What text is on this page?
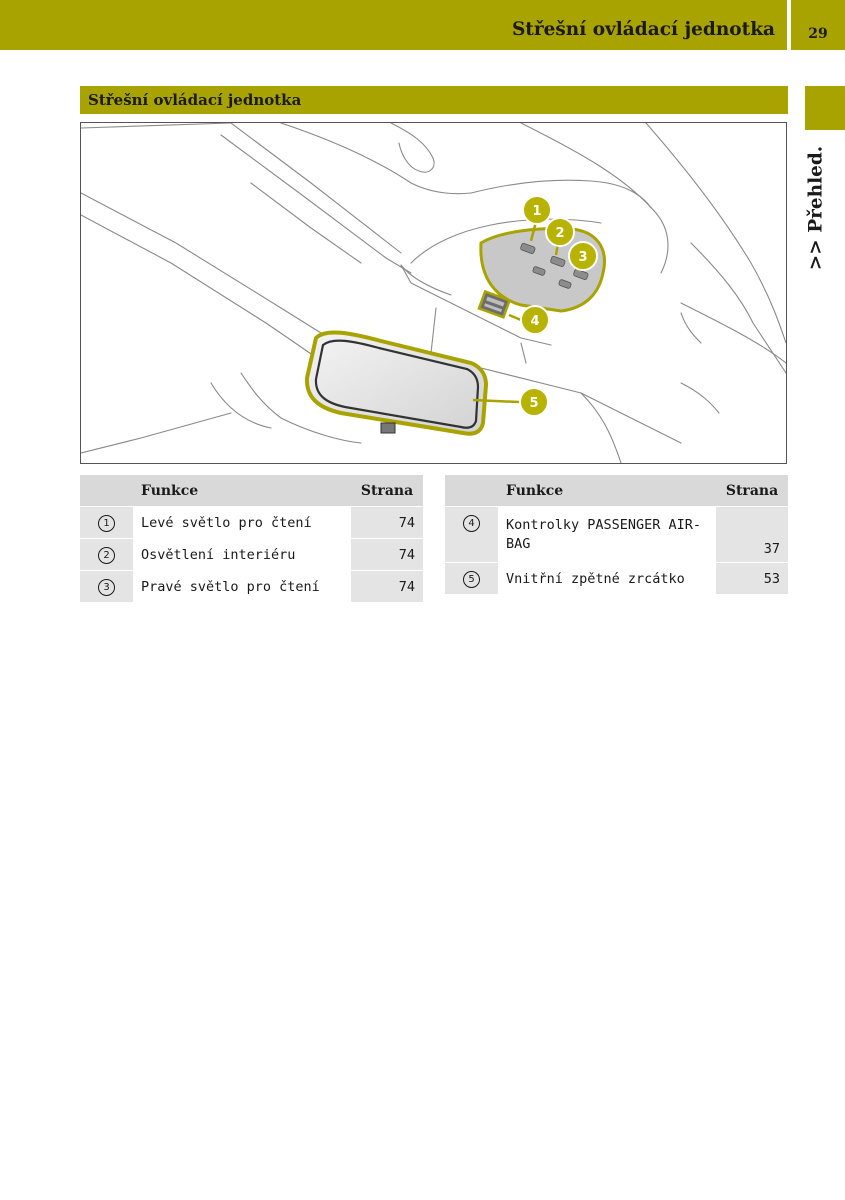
Střešní ovládací jednotka	29
>> Přehled.
Střešní ovládací jednotka
1
2
3
4
5
	Funkce	Strana
1	Levé světlo pro čtení	74
2	Osvětlení interiéru	74
3	Pravé světlo pro čtení	74
	Funkce	Strana
4	Kontrolky PASSENGER AIR-BAG	37
5	Vnitřní zpětné zrcátko	53
